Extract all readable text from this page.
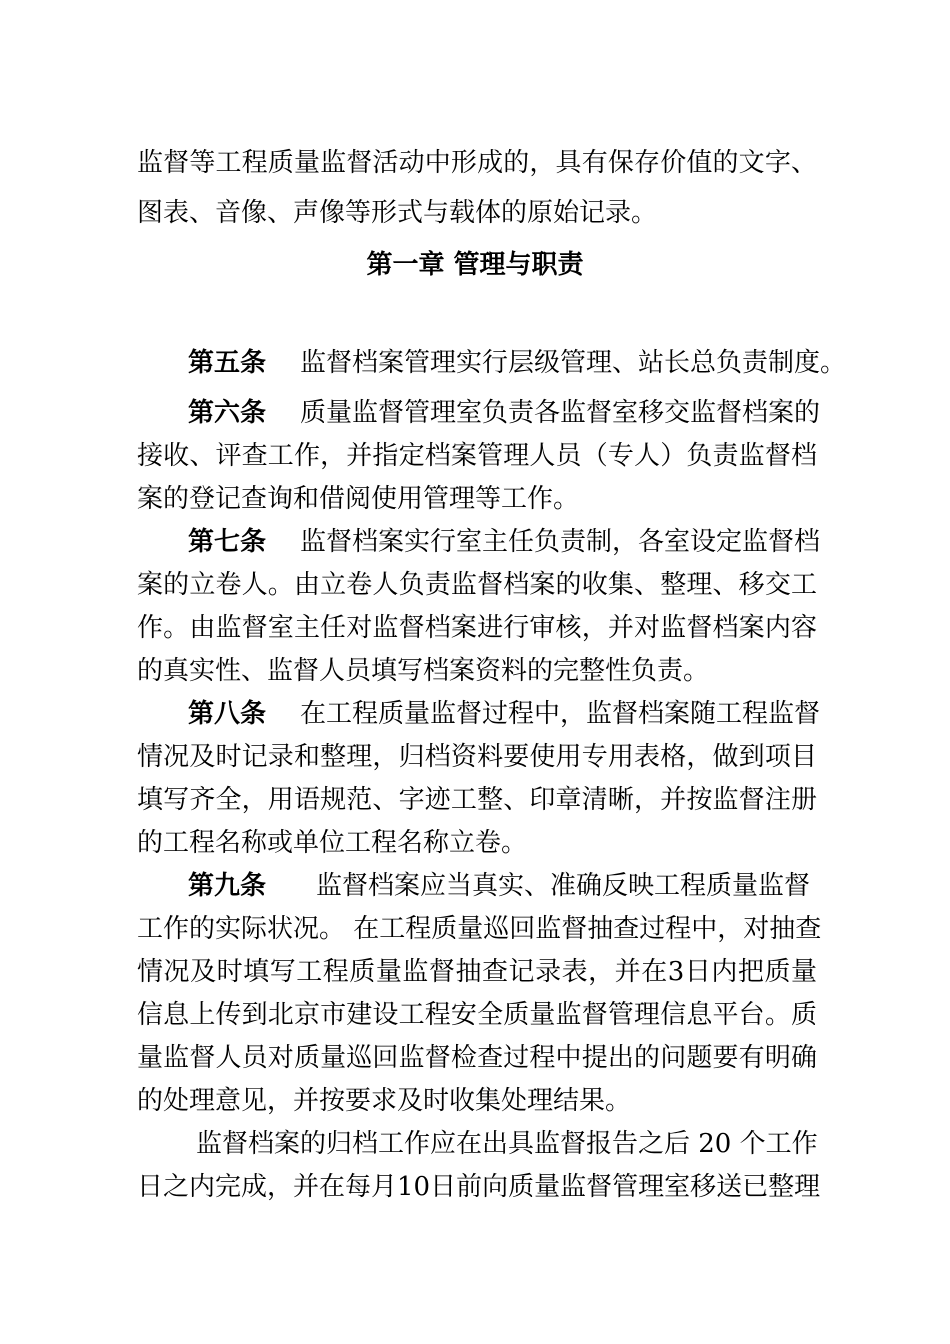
监督等工程质量监督活动中形成的，具有保存价值的文字、
图表、音像、声像等形式与载体的原始记录。
第一章 管理与职责
第五条 监督档案管理实行层级管理、站长总负责制度。
第六条 质量监督管理室负责各监督室移交监督档案的
接收、评查工作，并指定档案管理人员（专人）负责监督档
案的登记查询和借阅使用管理等工作。
第七条 监督档案实行室主任负责制，各室设定监督档
案的立卷人。由立卷人负责监督档案的收集、整理、移交工
作。由监督室主任对监督档案进行审核，并对监督档案内容
的真实性、监督人员填写档案资料的完整性负责。
第八条 在工程质量监督过程中，监督档案随工程监督
情况及时记录和整理，归档资料要使用专用表格，做到项目
填写齐全，用语规范、字迹工整、印章清晰，并按监督注册
的工程名称或单位工程名称立卷。
第九条 监督档案应当真实、准确反映工程质量监督
工作的实际状况。 在工程质量巡回监督抽查过程中，对抽查
情况及时填写工程质量监督抽查记录表，并在3日内把质量
信息上传到北京市建设工程安全质量监督管理信息平台。质
量监督人员对质量巡回监督检查过程中提出的问题要有明确
的处理意见，并按要求及时收集处理结果。
监督档案的归档工作应在出具监督报告之后 20 个工作
日之内完成，并在每月10日前向质量监督管理室移送已整理
